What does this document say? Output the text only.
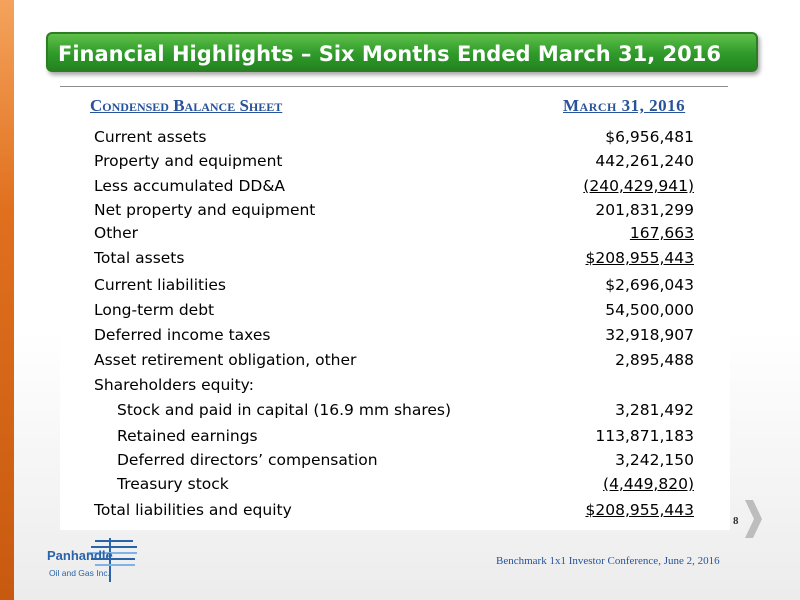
Financial Highlights – Six Months Ended March 31, 2016
Condensed Balance Sheet	March 31, 2016
Current assets	$6,956,481
Property and equipment	442,261,240
Less accumulated DD&A	(240,429,941)
Net property and equipment	201,831,299
Other	167,663
Total assets	$208,955,443
Current liabilities	$2,696,043
Long-term debt	54,500,000
Deferred income taxes	32,918,907
Asset retirement obligation, other	2,895,488
Shareholders equity:
Stock and paid in capital (16.9 mm shares)	3,281,492
Retained earnings	113,871,183
Deferred directors’ compensation	3,242,150
Treasury stock	(4,449,820)
Total liabilities and equity	$208,955,443
8
Benchmark 1x1 Investor Conference, June 2, 2016
Panhandle
Oil and Gas Inc.
